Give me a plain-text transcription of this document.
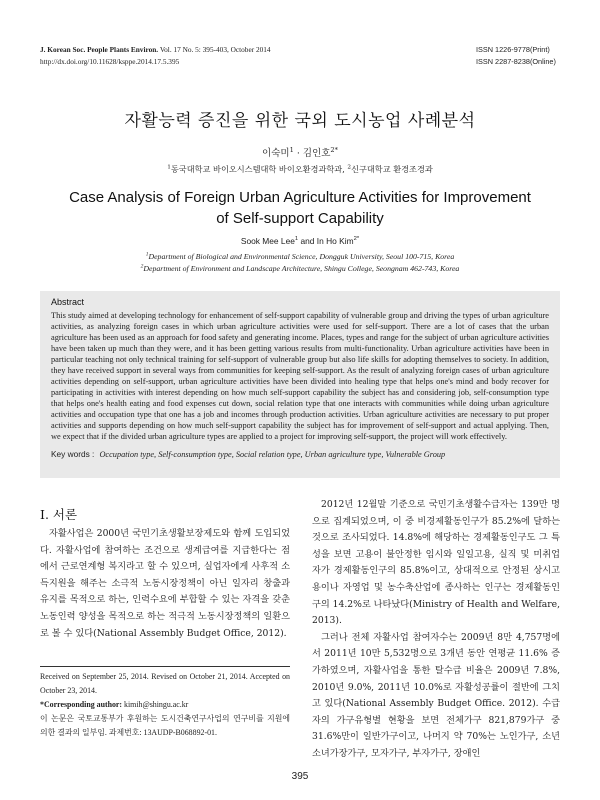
J. Korean Soc. People Plants Environ. Vol. 17 No. 5: 395-403, October 2014
http://dx.doi.org/10.11628/ksppe.2014.17.5.395
ISSN 1226-9778(Print)
ISSN 2287-8238(Online)
자활능력 증진을 위한 국외 도시농업 사례분석
이숙미$^1$ · 김인호$^{2*}$
$^1$동국대학교 바이오시스템대학 바이오환경과학과, $^2$신구대학교 환경조경과
Case Analysis of Foreign Urban Agriculture Activities for Improvement
of Self-support Capability
Sook Mee Lee$^1$ and In Ho Kim$^{2*}$
$^1$Department of Biological and Environmental Science, Dongguk University, Seoul 100-715, Korea
$^2$Department of Environment and Landscape Architecture, Shingu College, Seongnam 462-743, Korea
Abstract
This study aimed at developing technology for enhancement of self-support capability of vulnerable group and driving the types of urban agriculture activities, as analyzing foreign cases in which urban agriculture activities were used for self-support. There are a lot of cases that the urban agriculture has been used as an approach for food safety and generating income. Places, types and range for the subject of urban agriculture activities have been taken up much than they were, and it has been getting various results from multi-functionality. Urban agriculture activities have been in particular teaching not only technical training for self-support of vulnerable group but also life skills for adopting themselves to society. In addition, they have received support in several ways from communities for keeping self-support. As the result of analyzing foreign cases of urban agriculture activities depending on self-support, urban agriculture activities have been divided into healing type that helps one's mind and body recover for participating in activities with interest depending on how much self-support capability the subject has and considering job, self-consumption type that helps one's health eating and food expenses cut down, social relation type that one interacts with communities while doing urban agriculture activities and occupation type that one has a job and incomes through production activities. Urban agriculture activities are necessary to put proper activities and supports depending on how much self-support capability the subject has for improvement of self-support and actual applying. Then, we expect that if the divided urban agriculture types are applied to a project for improving self-support, the project will work effectively.
Key words : Occupation type, Self-consumption type, Social relation type, Urban agriculture type, Vulnerable Group
Ⅰ. 서론

자활사업은 2000년 국민기초생활보장제도와 함께 도입되었다. 자활사업에 참여하는 조건으로 생계급여를 지급한다는 점에서 근로연계형 복지라고 할 수 있으며, 실업자에게 사후적 소득지원을 해주는 소극적 노동시장정책이 아닌 일자리 창출과 유지를 목적으로 하는, 인력수요에 부합할 수 있는 자격을 갖춘 노동인력 양성을 목적으로 하는 적극적 노동시장정책의 일환으로 볼 수 있다(National Assembly Budget Office, 2012).

Received on September 25, 2014. Revised on October 21, 2014. Accepted on October 23, 2014.

*Corresponding author: kimih@shingu.ac.kr

이 논문은 국토교통부가 후원하는 도시건축연구사업의 연구비를 지원에 의한 결과의 일부임. 과제번호: 13AUDP-B068892-01.

2012년 12월말 기준으로 국민기초생활수급자는 139만 명으로 집계되었으며, 이 중 비경제활동인구가 85.2%에 달하는 것으로 조사되었다. 14.8%에 해당하는 경제활동인구도 그 특성을 보면 고용이 불안정한 임시와 일일고용, 실직 및 미취업자가 경제활동인구의 85.8%이고, 상대적으로 안정된 상시고용이나 자영업 및 농수축산업에 종사하는 인구는 경제활동인구의 14.2%로 나타났다(Ministry of Health and Welfare, 2013).

그러나 전체 자활사업 참여자수는 2009년 8만 4,757명에서 2011년 10만 5,532명으로 3개년 동안 연평균 11.6% 증가하였으며, 자활사업을 통한 탈수급 비율은 2009년 7.8%, 2010년 9.0%, 2011년 10.0%로 자활성공률이 절반에 그치고 있다(National Assembly Budget Office. 2012). 수급자의 가구유형별 현황을 보면 전체가구 821,879가구 중 31.6%만이 일반가구이고, 나머지 약 70%는 노인가구, 소년소녀가장가구, 모자가구, 부자가구, 장애인

395
